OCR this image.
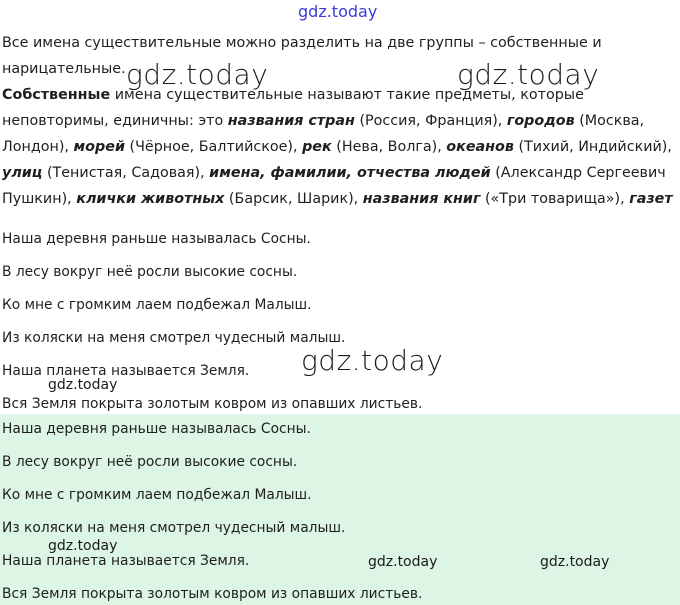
Все имена существительные можно разделить на две группы – собственные и нарицательные.

Собственные имена существительные называют такие предметы, которые неповторимы, единичны: это названия стран (Россия, Франция), городов (Москва, Лондон), морей (Чёрное, Балтийское), рек (Нева, Волга), океанов (Тихий, Индийский), улиц (Тенистая, Садовая), имена, фамилии, отчества людей (Александр Сергеевич Пушкин), клички животных (Барсик, Шарик), названия книг («Три товарища»), газет

Наша деревня раньше называлась Сосны.
В лесу вокруг неё росли высокие сосны.
Ко мне с громким лаем подбежал Малыш.
Из коляски на меня смотрел чудесный малыш.
Наша планета называется Земля.
Вся Земля покрыта золотым ковром из опавших листьев.
Наша деревня раньше называлась Сосны.
В лесу вокруг неё росли высокие сосны.
Ко мне с громким лаем подбежал Малыш.
Из коляски на меня смотрел чудесный малыш.
Наша планета называется Земля.
Вся Земля покрыта золотым ковром из опавших листьев.
gdz.today
gdz.today	gdz.today
gdz.today
gdz.today
gdz.today
gdz.today	gdz.today
